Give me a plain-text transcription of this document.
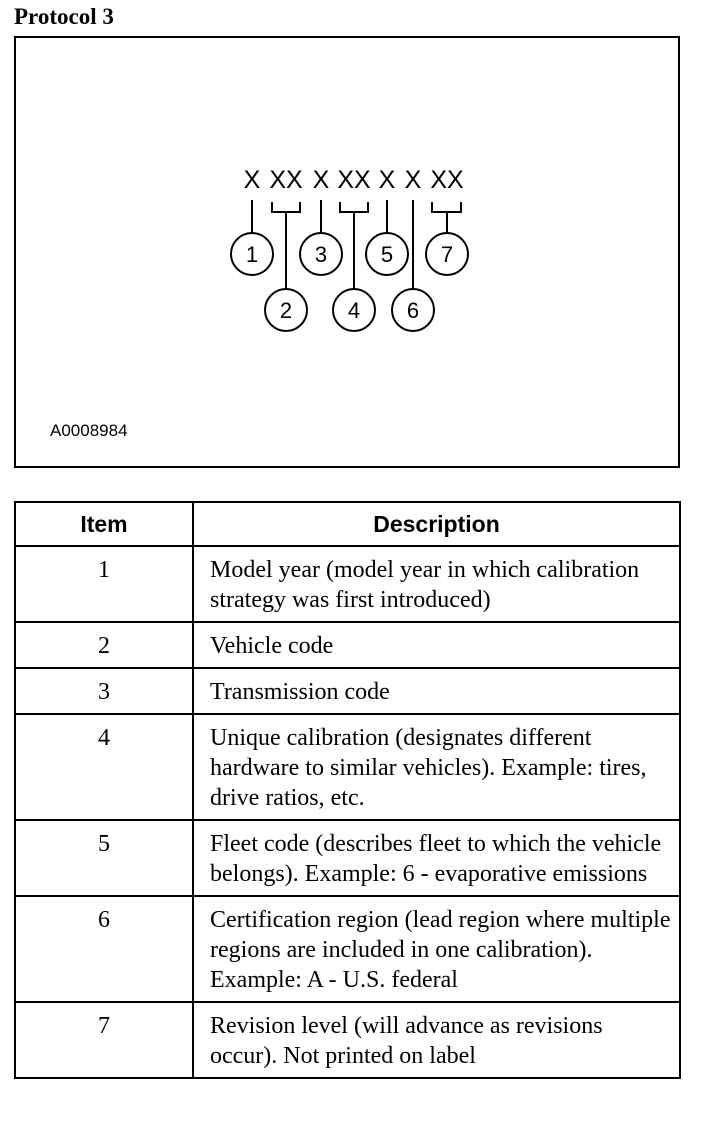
Protocol 3
X XX X XX X X XX
1
2
3
4
5
6
7
A0008984
Item	Description
1	Model year (model year in which calibration strategy was first introduced)
2	Vehicle code
3	Transmission code
4	Unique calibration (designates different hardware to similar vehicles). Example: tires, drive ratios, etc.
5	Fleet code (describes fleet to which the vehicle belongs). Example: 6 - evaporative emissions
6	Certification region (lead region where multiple regions are included in one calibration). Example: A - U.S. federal
7	Revision level (will advance as revisions occur). Not printed on label
